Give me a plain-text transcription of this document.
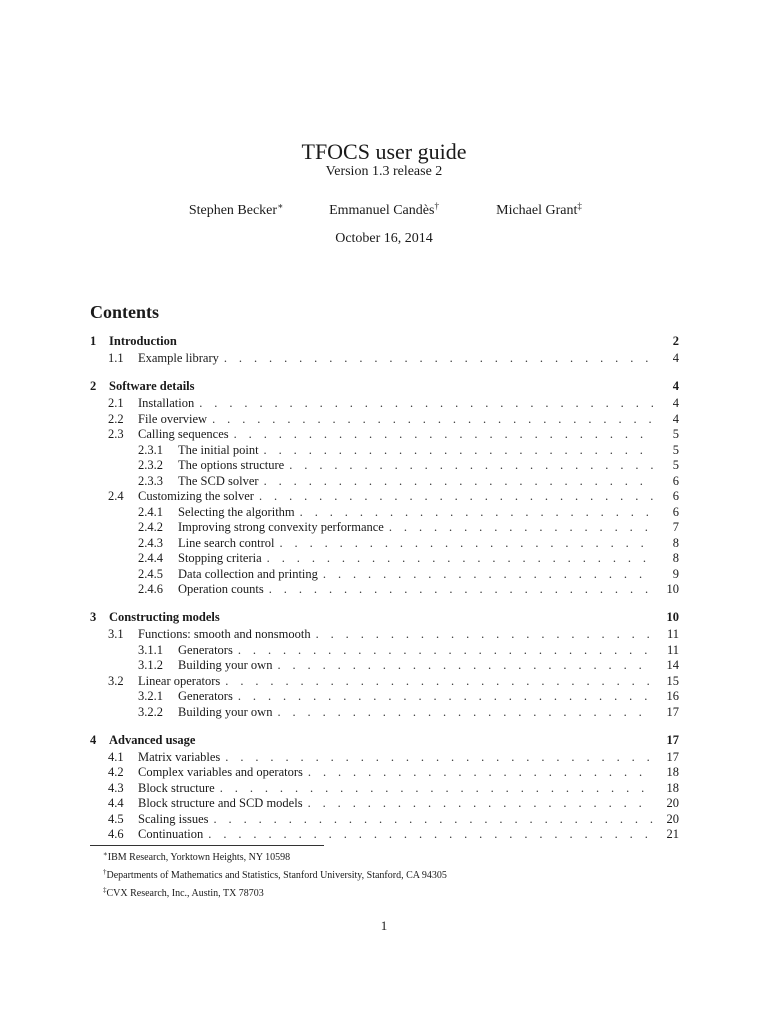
TFOCS user guide
Version 1.3 release 2
Stephen Becker∗	Emmanuel Candès†	Michael Grant‡
October 16, 2014
Contents
1	Introduction	2
1.1	Example library . . .	4
2	Software details	4
2.1	Installation . . .	4
2.2	File overview . . .	4
2.3	Calling sequences . . .	5
2.3.1	The initial point . . .	5
2.3.2	The options structure . . .	5
2.3.3	The SCD solver . . .	6
2.4	Customizing the solver . . .	6
2.4.1	Selecting the algorithm . . .	6
2.4.2	Improving strong convexity performance . . .	7
2.4.3	Line search control . . .	8
2.4.4	Stopping criteria . . .	8
2.4.5	Data collection and printing . . .	9
2.4.6	Operation counts . . .	10
3	Constructing models	10
3.1	Functions: smooth and nonsmooth . . .	11
3.1.1	Generators . . .	11
3.1.2	Building your own . . .	14
3.2	Linear operators . . .	15
3.2.1	Generators . . .	16
3.2.2	Building your own . . .	17
4	Advanced usage	17
4.1	Matrix variables . . .	17
4.2	Complex variables and operators . . .	18
4.3	Block structure . . .	18
4.4	Block structure and SCD models . . .	20
4.5	Scaling issues . . .	20
4.6	Continuation . . .	21
∗IBM Research, Yorktown Heights, NY 10598
†Departments of Mathematics and Statistics, Stanford University, Stanford, CA 94305
‡CVX Research, Inc., Austin, TX 78703
1
